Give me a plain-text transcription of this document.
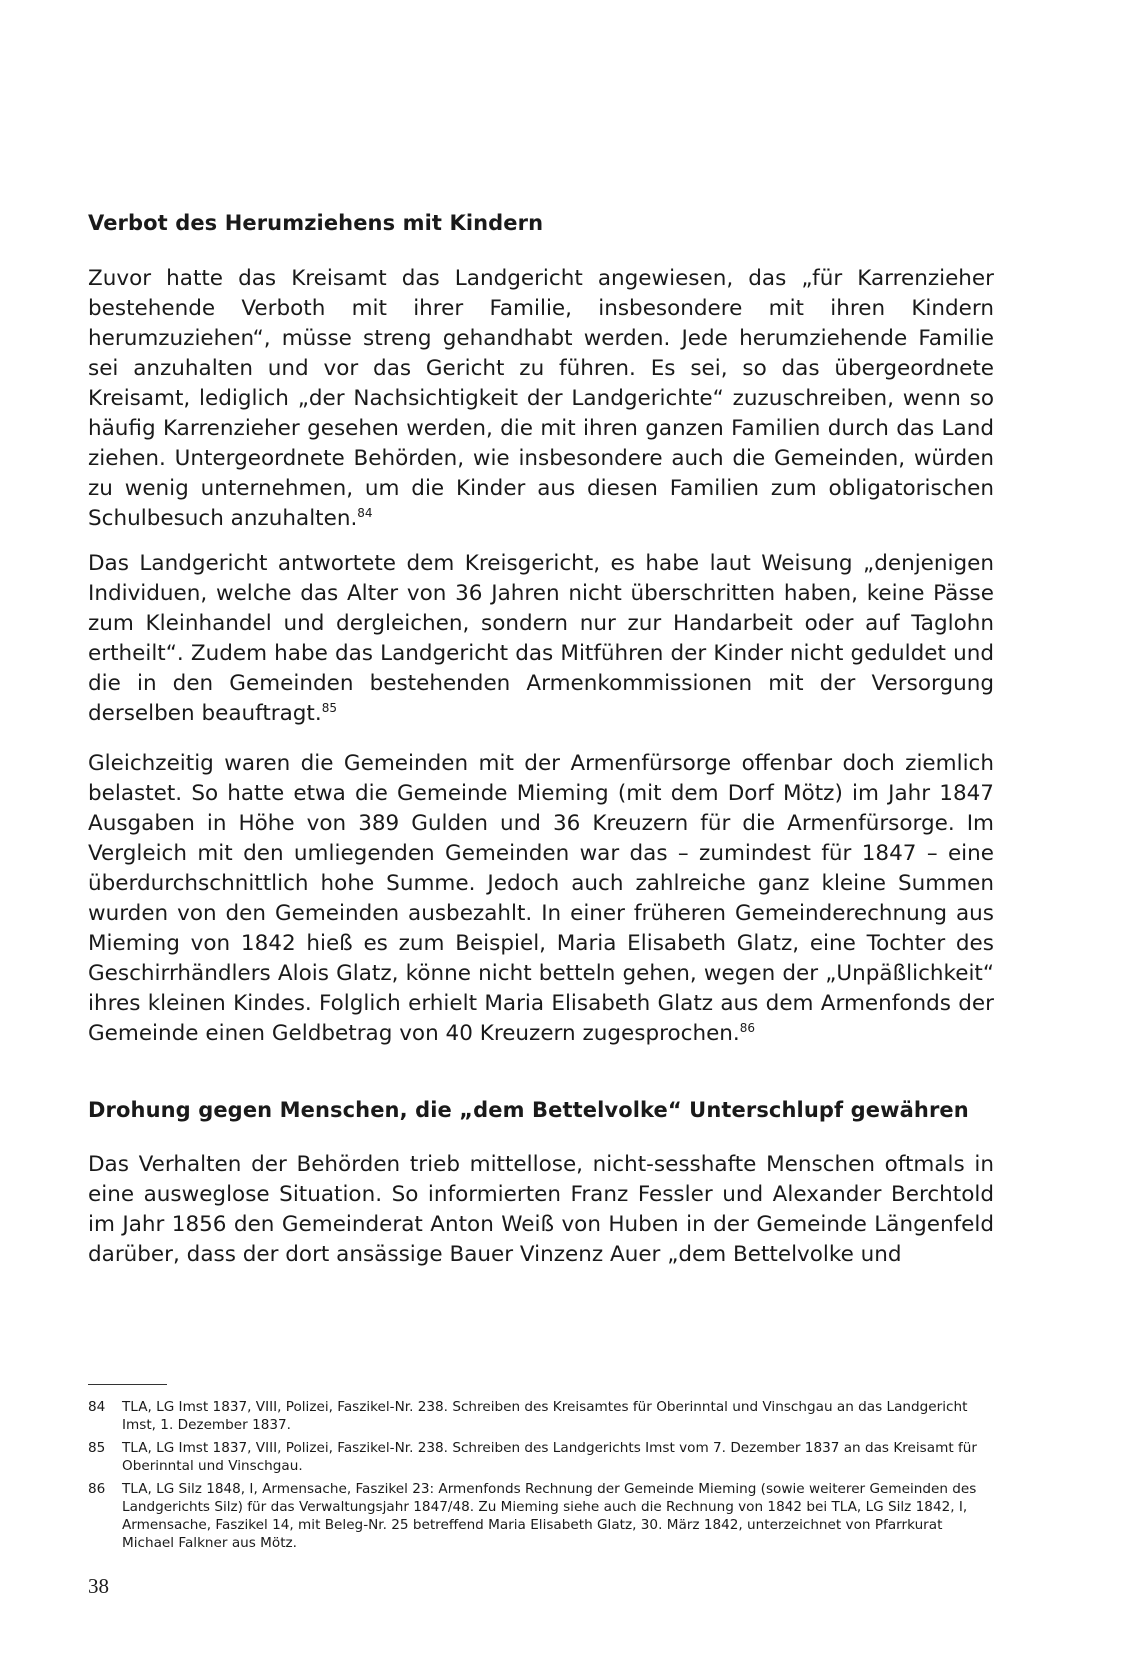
Verbot des Herumziehens mit Kindern

Zuvor hatte das Kreisamt das Landgericht angewiesen, das „für Karrenzieher bestehende Verboth mit ihrer Familie, insbesondere mit ihren Kindern herumzuziehen“, müsse streng gehandhabt werden. Jede herumziehende Familie sei anzuhalten und vor das Gericht zu führen. Es sei, so das übergeordnete Kreisamt, lediglich „der Nachsichtigkeit der Landgerichte“ zuzuschreiben, wenn so häufig Karrenzieher gesehen werden, die mit ihren ganzen Familien durch das Land ziehen. Untergeordnete Behörden, wie insbesondere auch die Gemeinden, würden zu wenig unternehmen, um die Kinder aus diesen Familien zum obligatorischen Schulbesuch anzuhalten.$^{84}$

Das Landgericht antwortete dem Kreisgericht, es habe laut Weisung „denjenigen Individuen, welche das Alter von 36 Jahren nicht überschritten haben, keine Pässe zum Kleinhandel und dergleichen, sondern nur zur Handarbeit oder auf Taglohn ertheilt“. Zudem habe das Landgericht das Mitführen der Kinder nicht geduldet und die in den Gemeinden bestehenden Armenkommissionen mit der Versorgung derselben beauftragt.$^{85}$

Gleichzeitig waren die Gemeinden mit der Armenfürsorge offenbar doch ziemlich belastet. So hatte etwa die Gemeinde Mieming (mit dem Dorf Mötz) im Jahr 1847 Ausgaben in Höhe von 389 Gulden und 36 Kreuzern für die Armenfürsorge. Im Vergleich mit den umliegenden Gemeinden war das – zumindest für 1847 – eine überdurchschnittlich hohe Summe. Jedoch auch zahlreiche ganz kleine Summen wurden von den Gemeinden ausbezahlt. In einer früheren Gemeinderechnung aus Mieming von 1842 hieß es zum Beispiel, Maria Elisabeth Glatz, eine Tochter des Geschirrhändlers Alois Glatz, könne nicht betteln gehen, wegen der „Unpäßlichkeit“ ihres kleinen Kindes. Folglich erhielt Maria Elisabeth Glatz aus dem Armenfonds der Gemeinde einen Geldbetrag von 40 Kreuzern zugesprochen.$^{86}$

Drohung gegen Menschen, die „dem Bettelvolke“ Unterschlupf gewähren

Das Verhalten der Behörden trieb mittellose, nicht-sesshafte Menschen oftmals in eine ausweglose Situation. So informierten Franz Fessler und Alexander Berchtold im Jahr 1856 den Gemeinderat Anton Weiß von Huben in der Gemeinde Längenfeld darüber, dass der dort ansässige Bauer Vinzenz Auer „dem Bettelvolke und

84	TLA, LG Imst 1837, VIII, Polizei, Faszikel-Nr. 238. Schreiben des Kreisamtes für Oberinntal und Vinschgau an das Landgericht Imst, 1. Dezember 1837.
85	TLA, LG Imst 1837, VIII, Polizei, Faszikel-Nr. 238. Schreiben des Landgerichts Imst vom 7. Dezember 1837 an das Kreisamt für Oberinntal und Vinschgau.
86	TLA, LG Silz 1848, I, Armensache, Faszikel 23: Armenfonds Rechnung der Gemeinde Mieming (sowie weiterer Gemeinden des Landgerichts Silz) für das Verwaltungsjahr 1847/48. Zu Mieming siehe auch die Rechnung von 1842 bei TLA, LG Silz 1842, I, Armensache, Faszikel 14, mit Beleg-Nr. 25 betreffend Maria Elisabeth Glatz, 30. März 1842, unterzeichnet von Pfarrkurat Michael Falkner aus Mötz.

38
